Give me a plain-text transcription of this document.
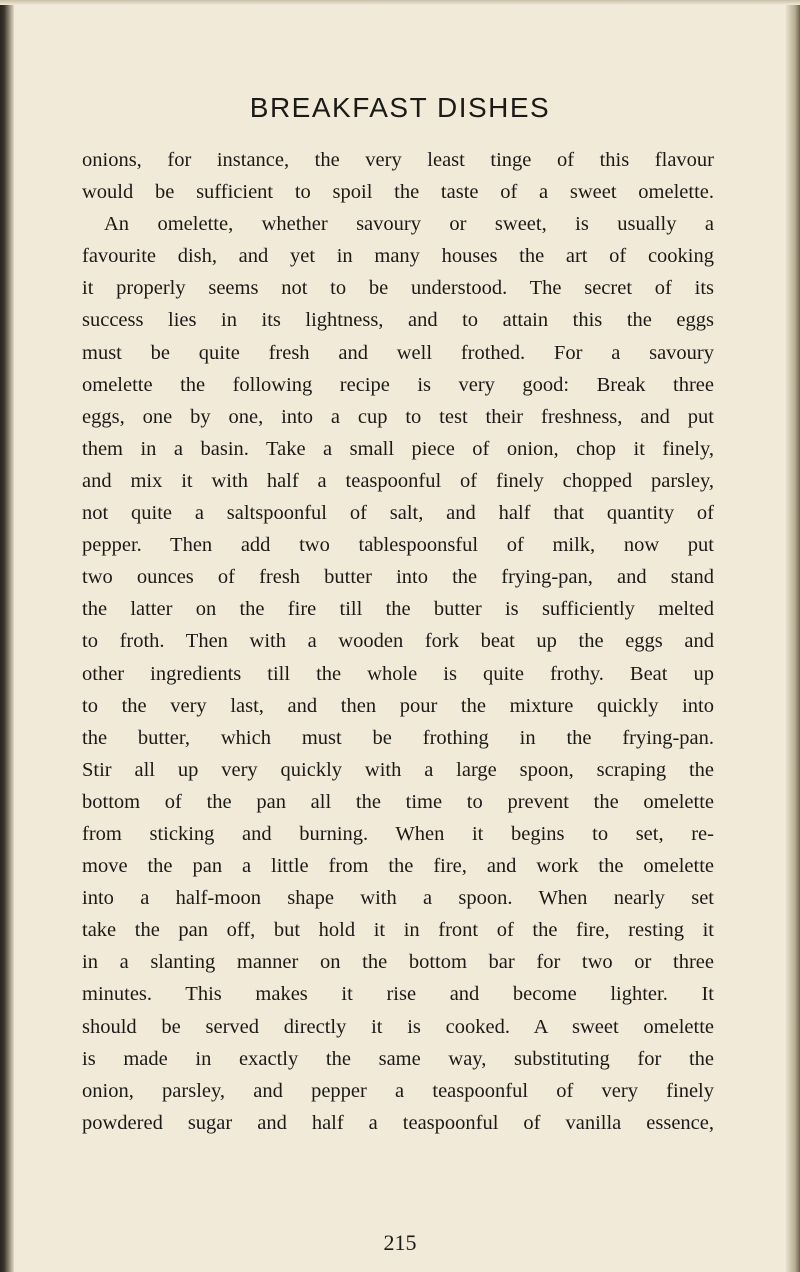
BREAKFAST DISHES
onions, for instance, the very least tinge of this flavour
would be sufficient to spoil the taste of a sweet omelette.
An omelette, whether savoury or sweet, is usually a
favourite dish, and yet in many houses the art of cooking
it properly seems not to be understood. The secret of its
success lies in its lightness, and to attain this the eggs
must be quite fresh and well frothed. For a savoury
omelette the following recipe is very good: Break three
eggs, one by one, into a cup to test their freshness, and put
them in a basin. Take a small piece of onion, chop it finely,
and mix it with half a teaspoonful of finely chopped parsley,
not quite a saltspoonful of salt, and half that quantity of
pepper. Then add two tablespoonsful of milk, now put
two ounces of fresh butter into the frying-pan, and stand
the latter on the fire till the butter is sufficiently melted
to froth. Then with a wooden fork beat up the eggs and
other ingredients till the whole is quite frothy. Beat up
to the very last, and then pour the mixture quickly into
the butter, which must be frothing in the frying-pan.
Stir all up very quickly with a large spoon, scraping the
bottom of the pan all the time to prevent the omelette
from sticking and burning. When it begins to set, re-
move the pan a little from the fire, and work the omelette
into a half-moon shape with a spoon. When nearly set
take the pan off, but hold it in front of the fire, resting it
in a slanting manner on the bottom bar for two or three
minutes. This makes it rise and become lighter. It
should be served directly it is cooked. A sweet omelette
is made in exactly the same way, substituting for the
onion, parsley, and pepper a teaspoonful of very finely
powdered sugar and half a teaspoonful of vanilla essence,
215
